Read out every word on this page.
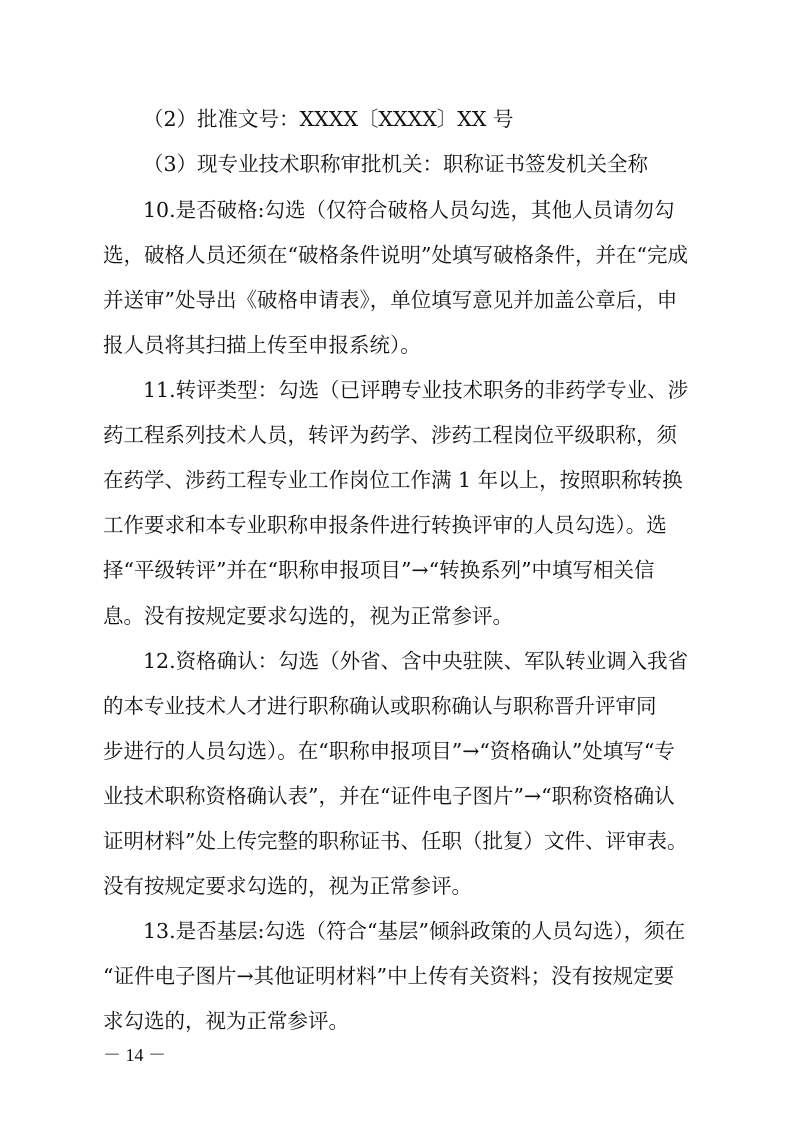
（2）批准文号：XXXX〔XXXX〕XX 号
（3）现专业技术职称审批机关：职称证书签发机关全称
10.是否破格:勾选（仅符合破格人员勾选，其他人员请勿勾
选，破格人员还须在“破格条件说明”处填写破格条件，并在“完成
并送审”处导出《破格申请表》，单位填写意见并加盖公章后，申
报人员将其扫描上传至申报系统）。
11.转评类型：勾选（已评聘专业技术职务的非药学专业、涉
药工程系列技术人员，转评为药学、涉药工程岗位平级职称，须
在药学、涉药工程专业工作岗位工作满 1 年以上，按照职称转换
工作要求和本专业职称申报条件进行转换评审的人员勾选）。选
择“平级转评”并在“职称申报项目”→“转换系列”中填写相关信
息。没有按规定要求勾选的，视为正常参评。
12.资格确认：勾选（外省、含中央驻陕、军队转业调入我省
的本专业技术人才进行职称确认或职称确认与职称晋升评审同
步进行的人员勾选）。在“职称申报项目”→“资格确认”处填写“专
业技术职称资格确认表”，并在“证件电子图片”→“职称资格确认
证明材料”处上传完整的职称证书、任职（批复）文件、评审表。
没有按规定要求勾选的，视为正常参评。
13.是否基层:勾选（符合“基层”倾斜政策的人员勾选），须在
“证件电子图片→其他证明材料”中上传有关资料；没有按规定要
求勾选的，视为正常参评。
－ 14 －
